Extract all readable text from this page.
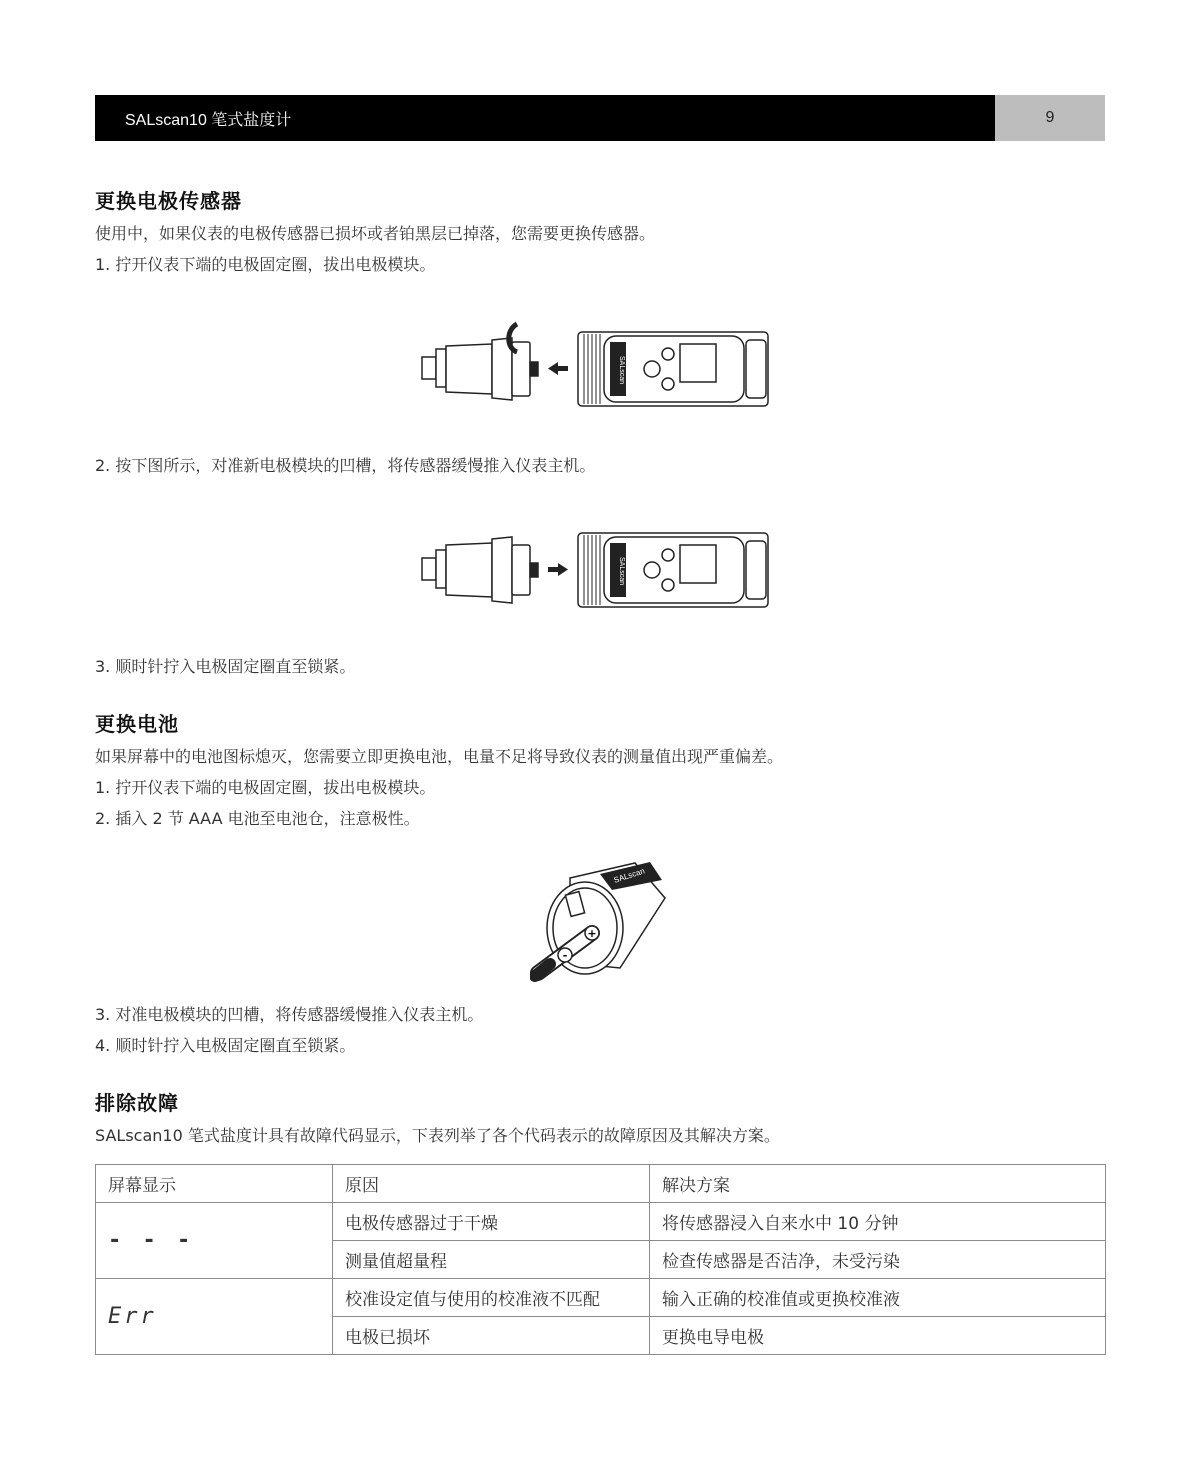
SALscan10 笔式盐度计	9
更换电极传感器

使用中，如果仪表的电极传感器已损坏或者铂黑层已掉落，您需要更换传感器。

1. 拧开仪表下端的电极固定圈，拔出电极模块。

SALscan

2. 按下图所示，对准新电极模块的凹槽，将传感器缓慢推入仪表主机。

SALscan

3. 顺时针拧入电极固定圈直至锁紧。

更换电池

如果屏幕中的电池图标熄灭，您需要立即更换电池，电量不足将导致仪表的测量值出现严重偏差。

1. 拧开仪表下端的电极固定圈，拔出电极模块。

2. 插入 2 节 AAA 电池至电池仓，注意极性。

SALscan
-
+

3. 对准电极模块的凹槽，将传感器缓慢推入仪表主机。

4. 顺时针拧入电极固定圈直至锁紧。

排除故障

SALscan10 笔式盐度计具有故障代码显示，下表列举了各个代码表示的故障原因及其解决方案。

屏幕显示	原因	解决方案
- - -	电极传感器过于干燥	将传感器浸入自来水中 10 分钟
	测量值超量程	检查传感器是否洁净，未受污染
Err	校准设定值与使用的校准液不匹配	输入正确的校准值或更换校准液
	电极已损坏	更换电导电极
